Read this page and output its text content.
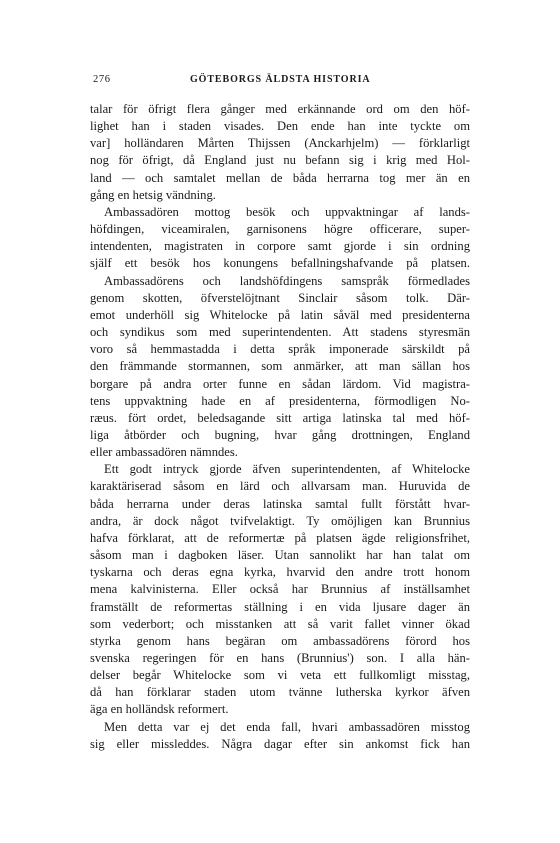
276	GÖTEBORGS ÄLDSTA HISTORIA
talar för öfrigt flera gånger med erkännande ord om den höf-
lighet han i staden visades. Den ende han inte tyckte om
var] holländaren Mårten Thijssen (Anckarhjelm) — förklarligt
nog för öfrigt, då England just nu befann sig i krig med Hol-
land — och samtalet mellan de båda herrarna tog mer än en
gång en hetsig vändning.
Ambassadören mottog besök och uppvaktningar af lands-
höfdingen, viceamiralen, garnisonens högre officerare, super-
intendenten, magistraten in corpore samt gjorde i sin ordning
själf ett besök hos konungens befallningshafvande på platsen.
Ambassadörens och landshöfdingens samspråk förmedlades
genom skotten, öfverstelöjtnant Sinclair såsom tolk. Där-
emot underhöll sig Whitelocke på latin såväl med presidenterna
och syndikus som med superintendenten. Att stadens styresmän
voro så hemmastadda i detta språk imponerade särskildt på
den främmande stormannen, som anmärker, att man sällan hos
borgare på andra orter funne en sådan lärdom. Vid magistra-
tens uppvaktning hade en af presidenterna, förmodligen No-
ræus. fört ordet, beledsagande sitt artiga latinska tal med höf-
liga åtbörder och bugning, hvar gång drottningen, England
eller ambassadören nämndes.
Ett godt intryck gjorde äfven superintendenten, af Whitelocke
karaktäriserad såsom en lärd och allvarsam man. Huruvida de
båda herrarna under deras latinska samtal fullt förstått hvar-
andra, är dock något tvifvelaktigt. Ty omöjligen kan Brunnius
hafva förklarat, att de reformertæ på platsen ägde religionsfrihet,
såsom man i dagboken läser. Utan sannolikt har han talat om
tyskarna och deras egna kyrka, hvarvid den andre trott honom
mena kalvinisterna. Eller också har Brunnius af inställsamhet
framställt de reformertas ställning i en vida ljusare dager än
som vederbort; och misstanken att så varit fallet vinner ökad
styrka genom hans begäran om ambassadörens förord hos
svenska regeringen för en hans (Brunnius') son. I alla hän-
delser begår Whitelocke som vi veta ett fullkomligt misstag,
då han förklarar staden utom tvänne lutherska kyrkor äfven
äga en holländsk reformert.
Men detta var ej det enda fall, hvari ambassadören misstog
sig eller missleddes. Några dagar efter sin ankomst fick han
